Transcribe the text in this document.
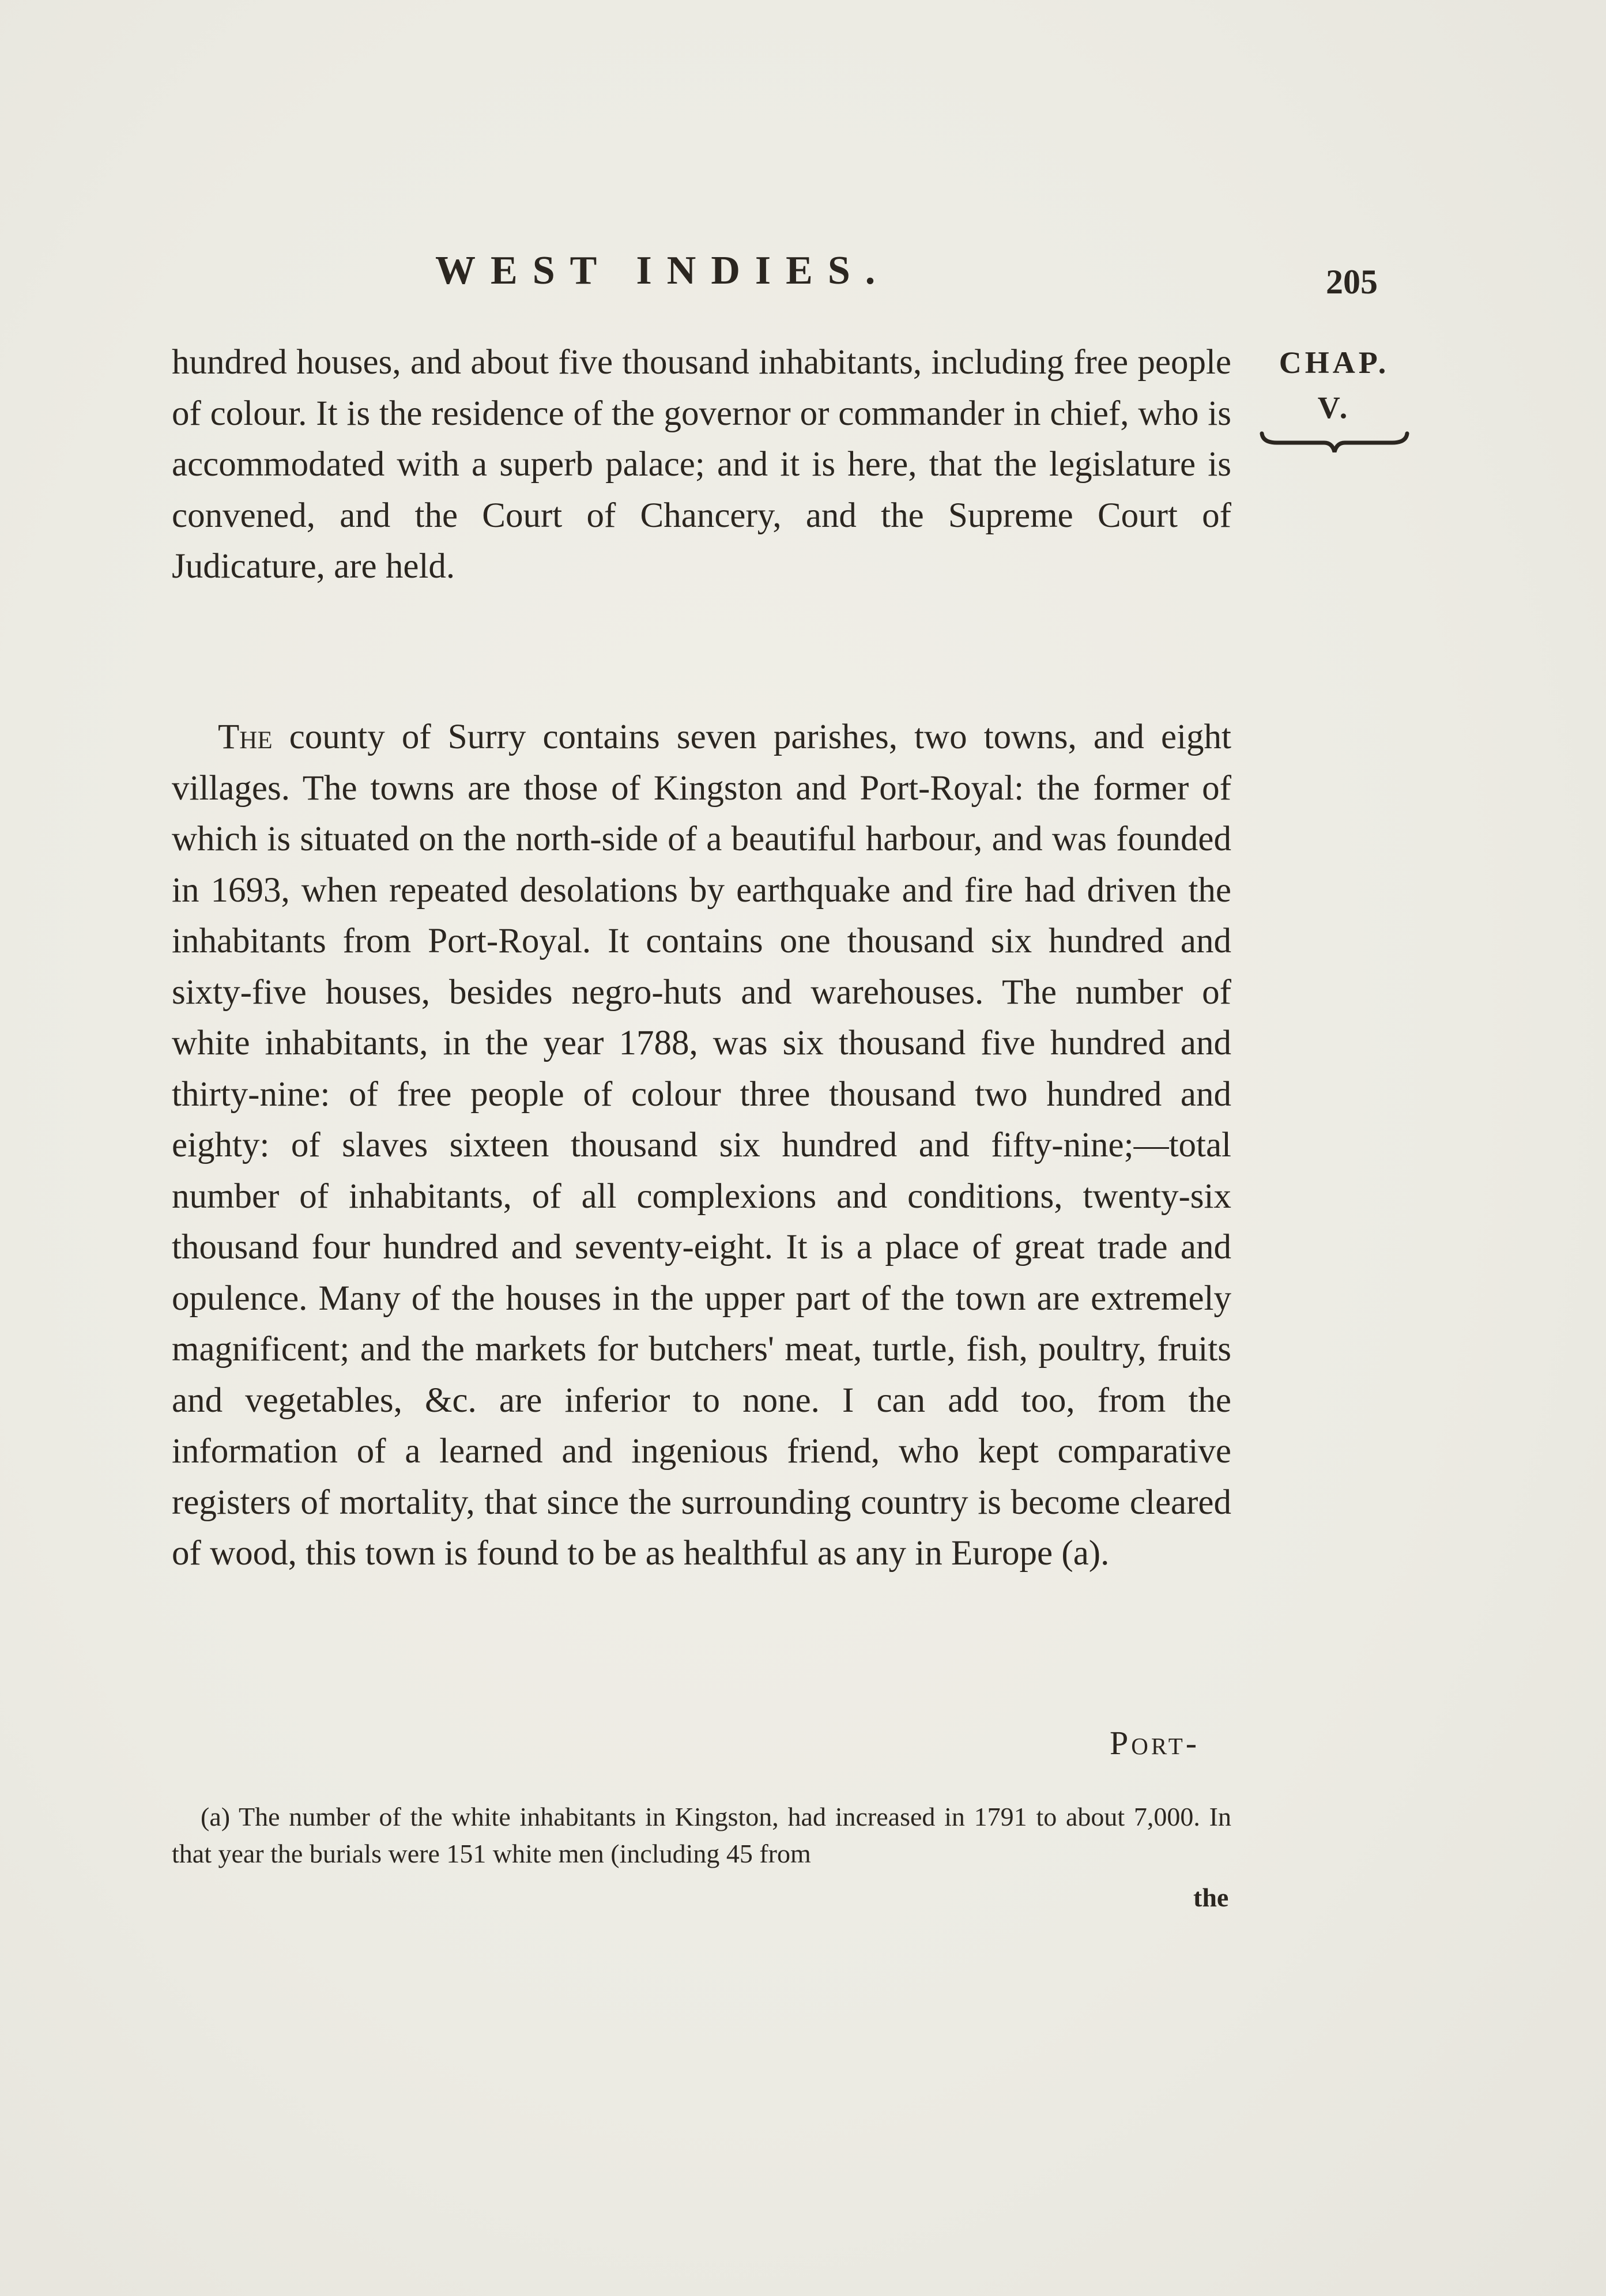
WEST INDIES.	205
CHAP.
V.

hundred houses, and about five thousand inhabitants, including free people of colour. It is the residence of the governor or commander in chief, who is accommodated with a superb palace; and it is here, that the legislature is convened, and the Court of Chancery, and the Supreme Court of Judicature, are held.

The county of Surry contains seven parishes, two towns, and eight villages. The towns are those of Kingston and Port-Royal: the former of which is situated on the north-side of a beautiful harbour, and was founded in 1693, when repeated desolations by earthquake and fire had driven the inhabitants from Port-Royal. It contains one thousand six hundred and sixty-five houses, besides negro-huts and warehouses. The number of white inhabitants, in the year 1788, was six thousand five hundred and thirty-nine: of free people of colour three thousand two hundred and eighty: of slaves sixteen thousand six hundred and fifty-nine;—total number of inhabitants, of all complexions and conditions, twenty-six thousand four hundred and seventy-eight. It is a place of great trade and opulence. Many of the houses in the upper part of the town are extremely magnificent; and the markets for butchers' meat, turtle, fish, poultry, fruits and vegetables, &c. are inferior to none. I can add too, from the information of a learned and ingenious friend, who kept comparative registers of mortality, that since the surrounding country is become cleared of wood, this town is found to be as healthful as any in Europe (a).

Port-
(a) The number of the white inhabitants in Kingston, had increased in 1791 to about 7,000. In that year the burials were 151 white men (including 45 from
the
